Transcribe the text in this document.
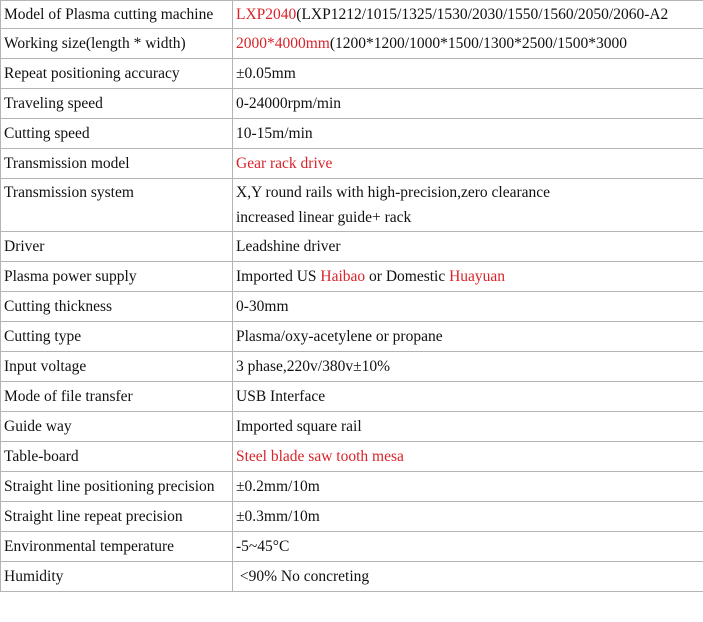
Model of Plasma cutting machine	LXP2040(LXP1212/1015/1325/1530/2030/1550/1560/2050/2060-A2
Working size(length * width)	2000*4000mm(1200*1200/1000*1500/1300*2500/1500*3000
Repeat positioning accuracy	±0.05mm
Traveling speed	0-24000rpm/min
Cutting speed	10-15m/min
Transmission model	Gear rack drive
Transmission system	X,Y round rails with high-precision,zero clearance
increased linear guide+ rack

Driver	Leadshine driver
Plasma power supply	Imported US Haibao or Domestic Huayuan
Cutting thickness	0-30mm
Cutting type	Plasma/oxy-acetylene or propane
Input voltage	3 phase,220v/380v±10%
Mode of file transfer	USB Interface
Guide way	Imported square rail
Table-board	Steel blade saw tooth mesa
Straight line positioning precision	±0.2mm/10m
Straight line repeat precision	±0.3mm/10m
Environmental temperature	-5~45°C
Humidity	<90% No concreting
